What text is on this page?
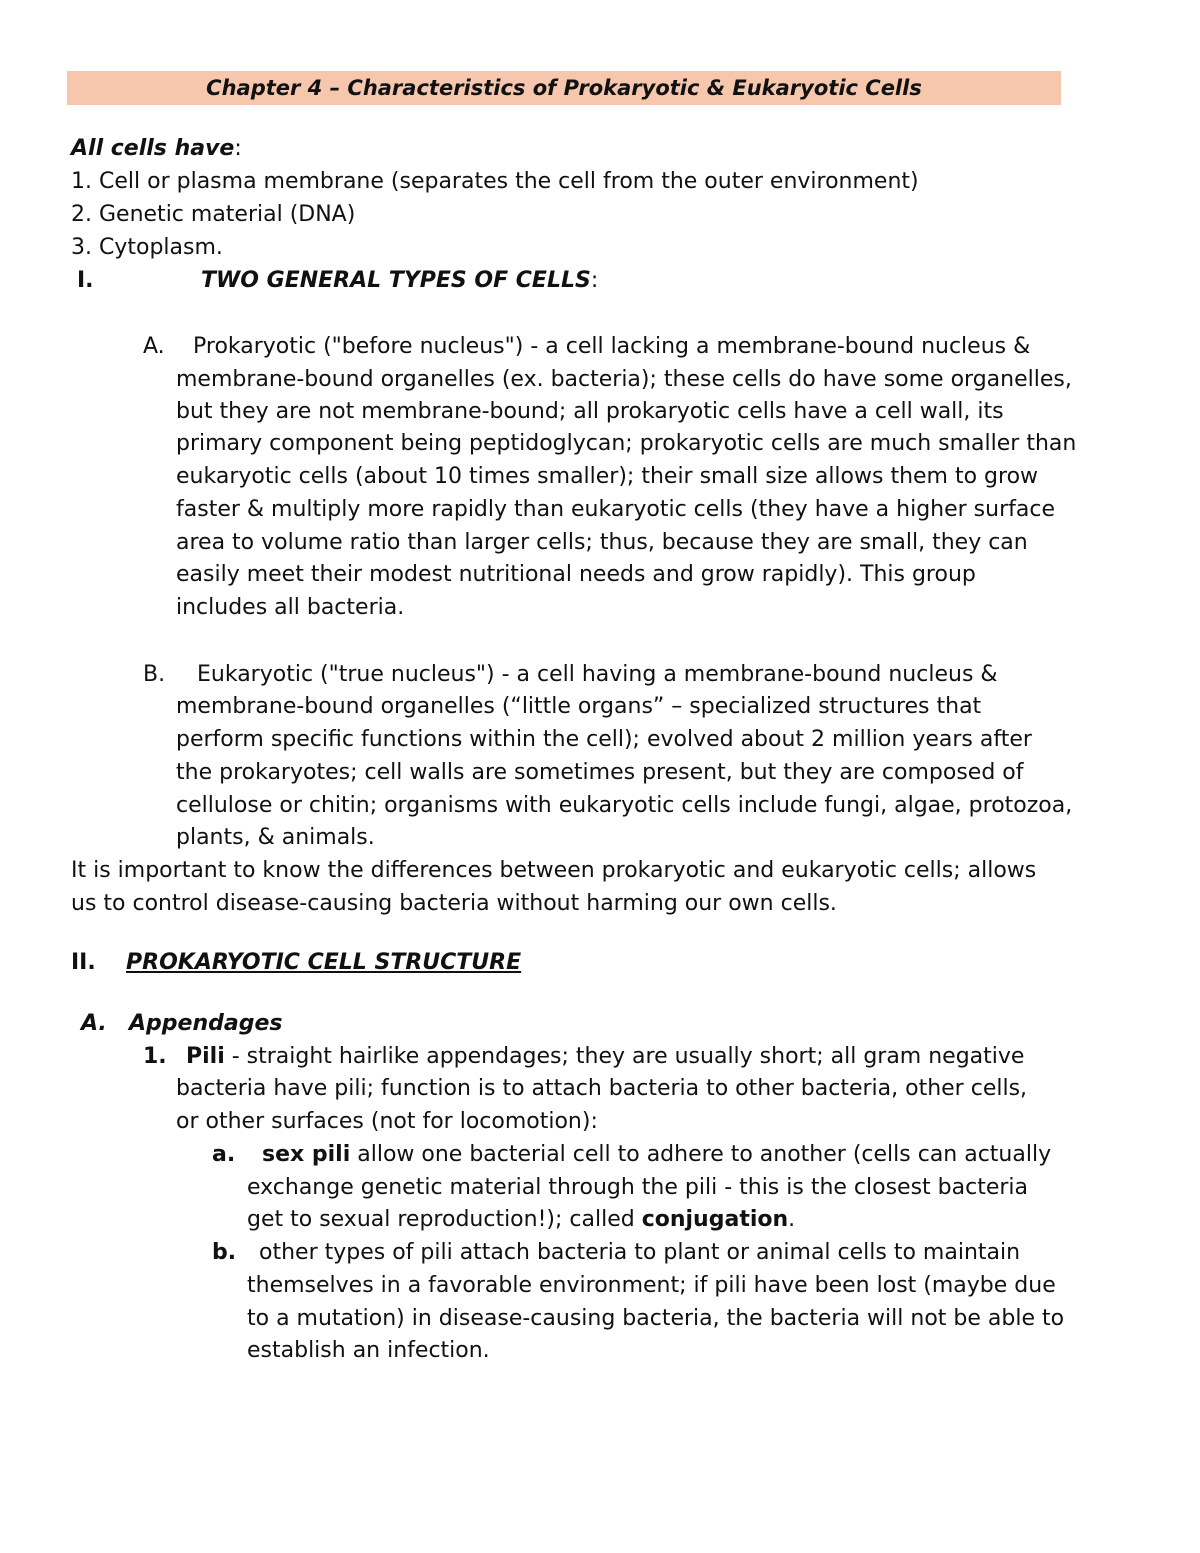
Chapter 4 – Characteristics of Prokaryotic & Eukaryotic Cells
All cells have:
1. Cell or plasma membrane (separates the cell from the outer environment)
2. Genetic material (DNA)
3. Cytoplasm.
I.	TWO GENERAL TYPES OF CELLS:
A. Prokaryotic ("before nucleus") - a cell lacking a membrane-bound nucleus &
membrane-bound organelles (ex. bacteria); these cells do have some organelles,
but they are not membrane-bound; all prokaryotic cells have a cell wall, its
primary component being peptidoglycan; prokaryotic cells are much smaller than
eukaryotic cells (about 10 times smaller); their small size allows them to grow
faster & multiply more rapidly than eukaryotic cells (they have a higher surface
area to volume ratio than larger cells; thus, because they are small, they can
easily meet their modest nutritional needs and grow rapidly). This group
includes all bacteria.
B. Eukaryotic ("true nucleus") - a cell having a membrane-bound nucleus &
membrane-bound organelles (“little organs” – specialized structures that
perform specific functions within the cell); evolved about 2 million years after
the prokaryotes; cell walls are sometimes present, but they are composed of
cellulose or chitin; organisms with eukaryotic cells include fungi, algae, protozoa,
plants, & animals.
It is important to know the differences between prokaryotic and eukaryotic cells; allows
us to control disease-causing bacteria without harming our own cells.
II. PROKARYOTIC CELL STRUCTURE
A. Appendages
1. Pili - straight hairlike appendages; they are usually short; all gram negative
bacteria have pili; function is to attach bacteria to other bacteria, other cells,
or other surfaces (not for locomotion):
a. sex pili allow one bacterial cell to adhere to another (cells can actually
exchange genetic material through the pili - this is the closest bacteria
get to sexual reproduction!); called conjugation.
b. other types of pili attach bacteria to plant or animal cells to maintain
themselves in a favorable environment; if pili have been lost (maybe due
to a mutation) in disease-causing bacteria, the bacteria will not be able to
establish an infection.
